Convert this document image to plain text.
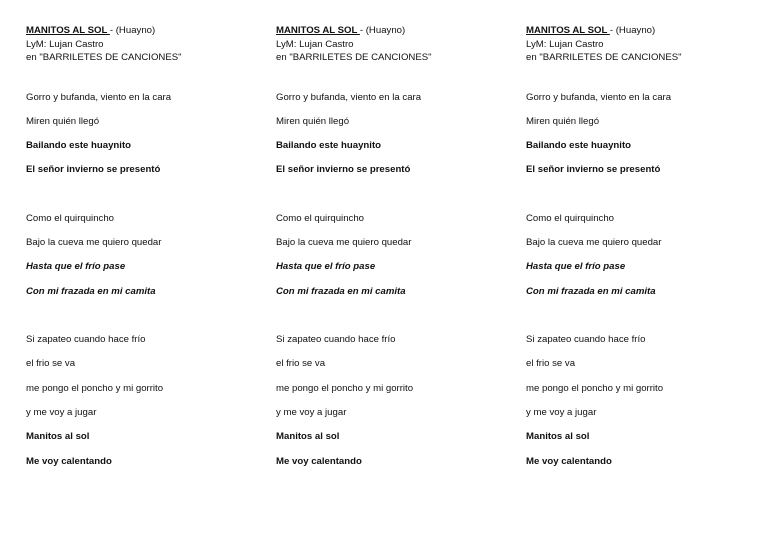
MANITOS AL SOL - (Huayno)
LyM: Lujan Castro
en "BARRILETES DE CANCIONES"
Gorro y bufanda, viento en la cara
Miren quién llegó
Bailando este huaynito
El señor invierno se presentó
Como el quirquincho
Bajo la cueva me quiero quedar
Hasta que el frío pase
Con mi frazada en mi camita
Si zapateo cuando hace frío
el frio se va
me pongo el poncho y mi gorrito
y me voy a jugar
Manitos al sol
Me voy calentando
MANITOS AL SOL - (Huayno)
LyM: Lujan Castro
en "BARRILETES DE CANCIONES"
Gorro y bufanda, viento en la cara
Miren quién llegó
Bailando este huaynito
El señor invierno se presentó
Como el quirquincho
Bajo la cueva me quiero quedar
Hasta que el frío pase
Con mi frazada en mi camita
Si zapateo cuando hace frío
el frio se va
me pongo el poncho y mi gorrito
y me voy a jugar
Manitos al sol
Me voy calentando
MANITOS AL SOL - (Huayno)
LyM: Lujan Castro
en "BARRILETES DE CANCIONES"
Gorro y bufanda, viento en la cara
Miren quién llegó
Bailando este huaynito
El señor invierno se presentó
Como el quirquincho
Bajo la cueva me quiero quedar
Hasta que el frío pase
Con mi frazada en mi camita
Si zapateo cuando hace frío
el frio se va
me pongo el poncho y mi gorrito
y me voy a jugar
Manitos al sol
Me voy calentando
